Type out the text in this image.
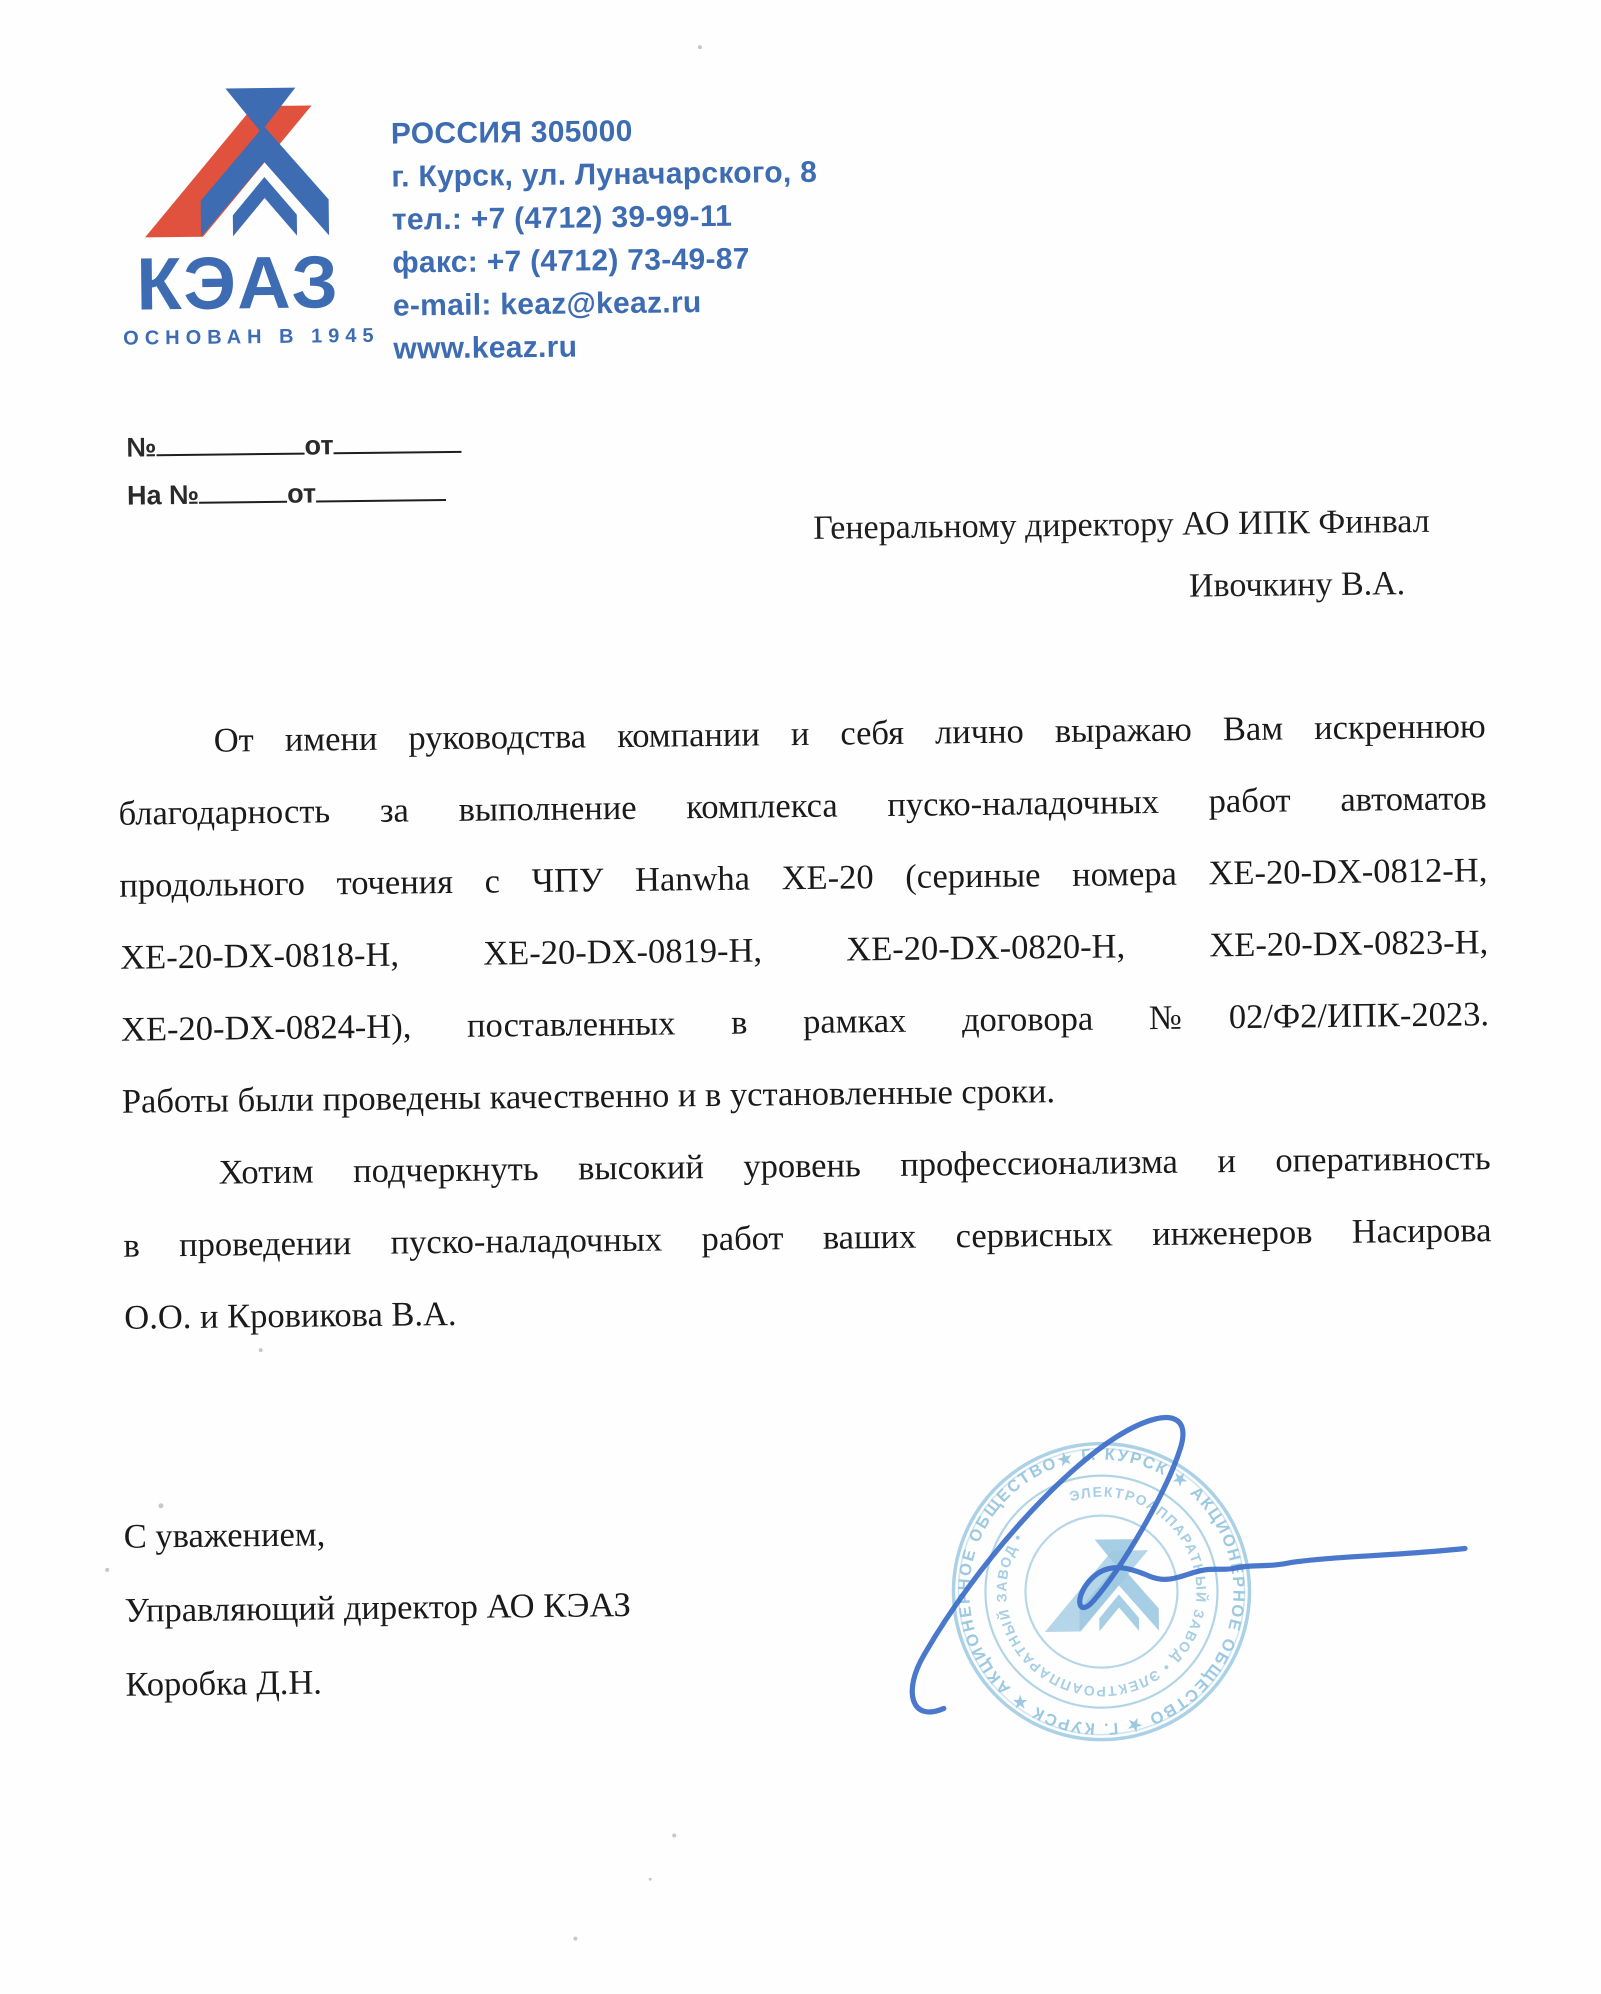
КЭАЗ
ОСНОВАН В 1945
РОССИЯ 305000
г. Курск, ул. Луначарского, 8
тел.: +7 (4712) 39-99-11
факс: +7 (4712) 73-49-87
e-mail: keaz@keaz.ru
www.keaz.ru
№	от
На №	от
Генеральному директору АО ИПК Финвал
Ивочкину В.А.
От имени руководства компании и себя лично выражаю Вам искреннюю
благодарность за выполнение комплекса пуско-наладочных работ автоматов
продольного точения с ЧПУ Hanwha ХЕ-20 (сериные номера ХЕ-20-DX-0812-Н,
ХЕ-20-DX-0818-Н, ХЕ-20-DX-0819-Н, ХЕ-20-DX-0820-Н, ХЕ-20-DX-0823-Н,
ХЕ-20-DX-0824-Н), поставленных в рамках договора №02/Ф2/ИПК-2023.
Работы были проведены качественно и в установленные сроки.
Хотим подчеркнуть высокий уровень профессионализма и оперативность
в проведении пуско-наладочных работ ваших сервисных инженеров Насирова
О.О. и Кровикова В.А.
С уважением,
Управляющий директор АО КЭАЗ
Коробка Д.Н.
★ Г. КУРСК ★ АКЦИОНЕРНОЕ ОБЩЕСТВО ★ Г. КУРСК ★ АКЦИОНЕРНОЕ ОБЩЕСТВО
ЭЛЕКТРОАППАРАТНЫЙ ЗАВОД • ЭЛЕКТРОАППАРАТНЫЙ ЗАВОД •
